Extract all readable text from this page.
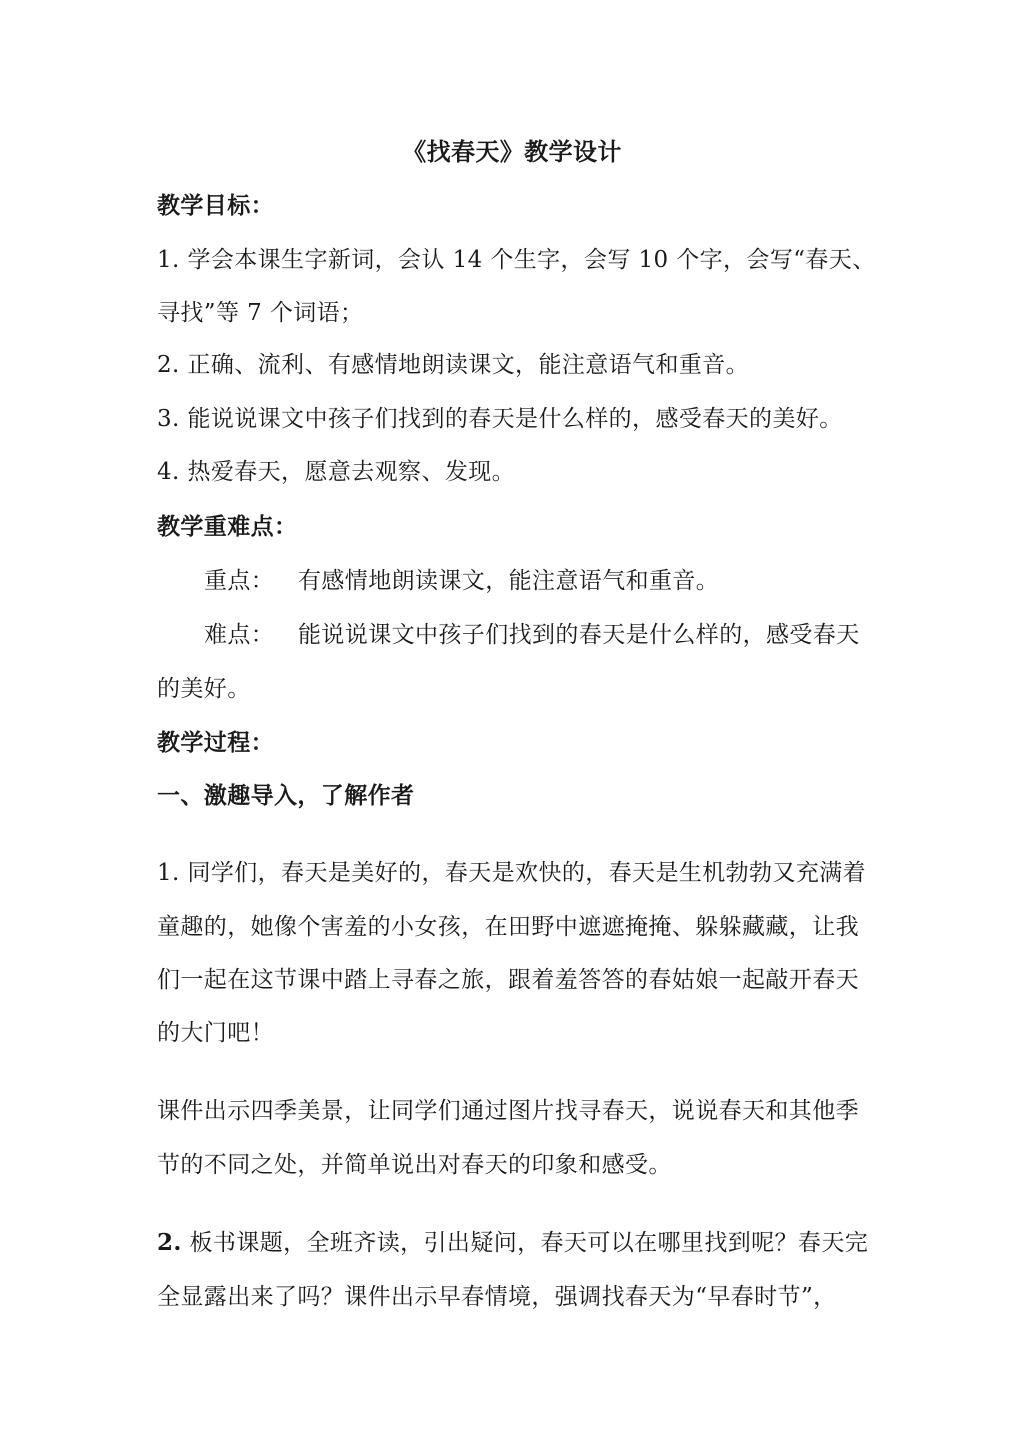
《找春天》教学设计
教学目标：
1. 学会本课生字新词，会认 14 个生字，会写 10 个字，会写“春天、
寻找”等 7 个词语；
2. 正确、流利、有感情地朗读课文，能注意语气和重音。
3. 能说说课文中孩子们找到的春天是什么样的，感受春天的美好。
4. 热爱春天，愿意去观察、发现。
教学重难点：
重点： 有感情地朗读课文，能注意语气和重音。
难点： 能说说课文中孩子们找到的春天是什么样的，感受春天
的美好。
教学过程：
一、激趣导入，了解作者
1. 同学们，春天是美好的，春天是欢快的，春天是生机勃勃又充满着
童趣的，她像个害羞的小女孩，在田野中遮遮掩掩、躲躲藏藏，让我
们一起在这节课中踏上寻春之旅，跟着羞答答的春姑娘一起敲开春天
的大门吧！
课件出示四季美景，让同学们通过图片找寻春天，说说春天和其他季
节的不同之处，并简单说出对春天的印象和感受。
2. 板书课题，全班齐读，引出疑问，春天可以在哪里找到呢？春天完
全显露出来了吗？课件出示早春情境，强调找春天为“早春时节”，
